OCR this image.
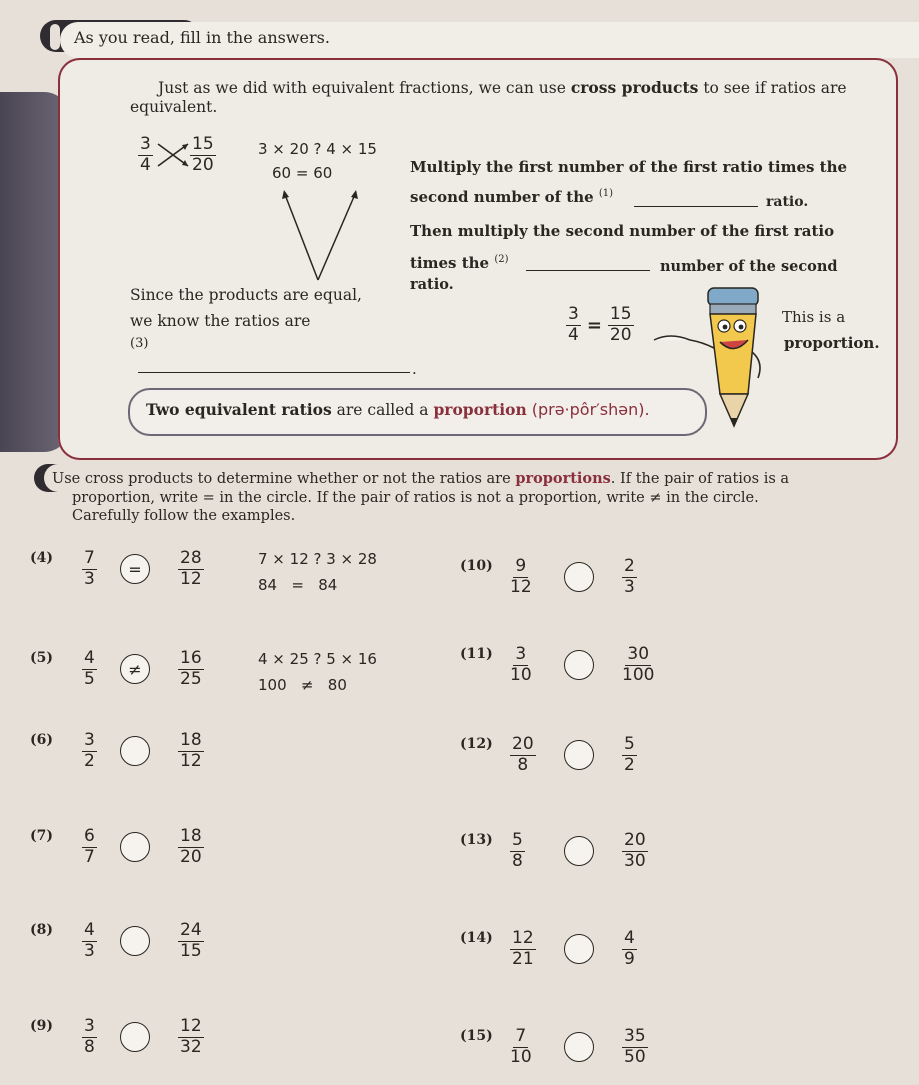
As you read, fill in the answers.
Just as we did with equivalent fractions, we can use cross products to see if ratios are
equivalent.
$\frac{3}{4} \frac{15}{20}$	3 × 20 ? 4 × 15
60 = 60	Multiply the first number of the first ratio times the
second number of the $^{(1)}$
ratio.
Then multiply the second number of the first ratio
times the $^{(2)}$	number of the second
ratio.
Since the products are equal,
we know the ratios are
(3)
.
$\frac{3}{4} = \frac{15}{20}$	This is a
proportion.
Two equivalent ratios are called a proportion (prə·pôr′shən).
Use cross products to determine whether or not the ratios are proportions. If the pair of ratios is a
proportion, write = in the circle. If the pair of ratios is not a proportion, write ≠ in the circle.
Carefully follow the examples.
$(4) \frac{7}{3}$	=	$\frac{28}{12}$	7 × 12 ? 3 × 28
84   =   84
$(5) \frac{4}{5}$	≠	$\frac{16}{25}$	4 × 25 ? 5 × 16
100   ≠   80
$(6) \frac{3}{2}$	$\frac{18}{12}$
$(7) \frac{6}{7}$	$\frac{18}{20}$
$(8) \frac{4}{3}$	$\frac{24}{15}$
$(9) \frac{3}{8}$	$\frac{12}{32}$
$(10) \frac{9}{12}$	$\frac{2}{3}$
$(11) \frac{3}{10}$	$\frac{30}{100}$
$(12) \frac{20}{8}$	$\frac{5}{2}$
$(13) \frac{5}{8}$	$\frac{20}{30}$
$(14) \frac{12}{21}$	$\frac{4}{9}$
$(15) \frac{7}{10}$	$\frac{35}{50}$
